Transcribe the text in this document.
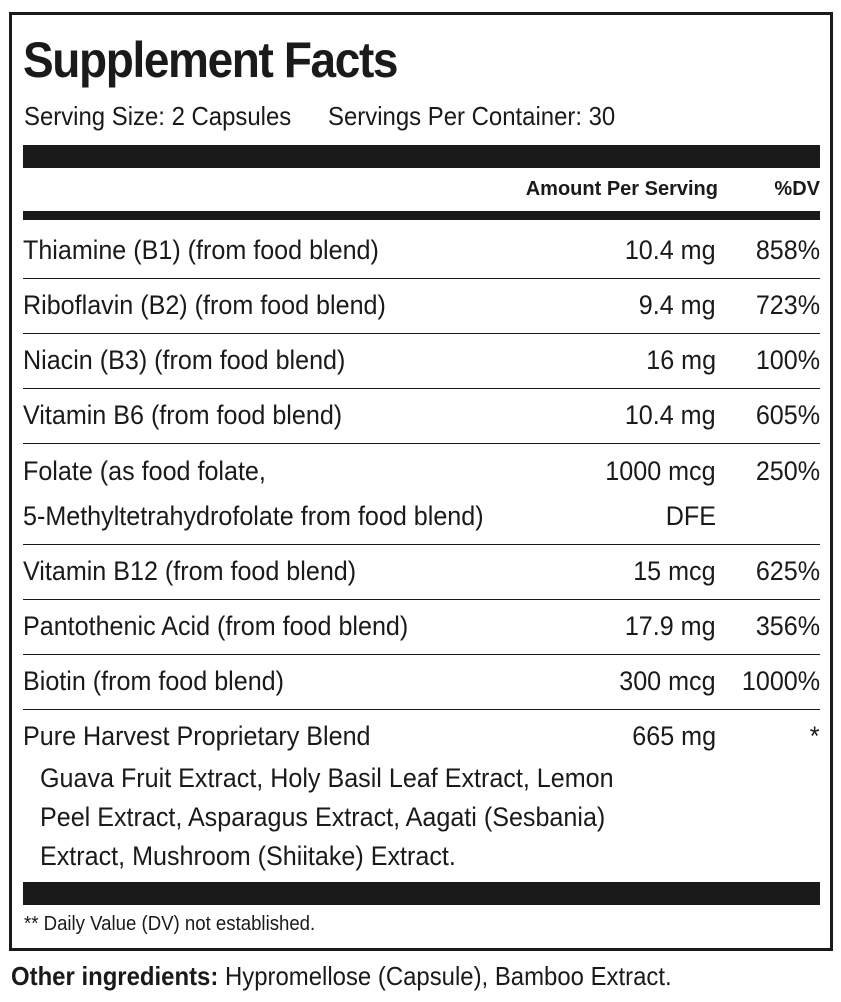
Supplement Facts
Serving Size: 2 Capsules Servings Per Container: 30
Amount Per Serving	%DV
Thiamine (B1) (from food blend)	10.4 mg 858%
Riboflavin (B2) (from food blend)	9.4 mg 723%
Niacin (B3) (from food blend)	16 mg 100%
Vitamin B6 (from food blend)	10.4 mg 605%
Folate (as food folate,	1000 mcg 250%
5-Methyltetrahydrofolate from food blend)	DFE
Vitamin B12 (from food blend)	15 mcg 625%
Pantothenic Acid (from food blend)	17.9 mg 356%
Biotin (from food blend)	300 mcg 1000%
Pure Harvest Proprietary Blend	665 mg	*
Guava Fruit Extract, Holy Basil Leaf Extract, Lemon
Peel Extract, Asparagus Extract, Aagati (Sesbania)
Extract, Mushroom (Shiitake) Extract.
** Daily Value (DV) not established.
Other ingredients: Hypromellose (Capsule), Bamboo Extract.
